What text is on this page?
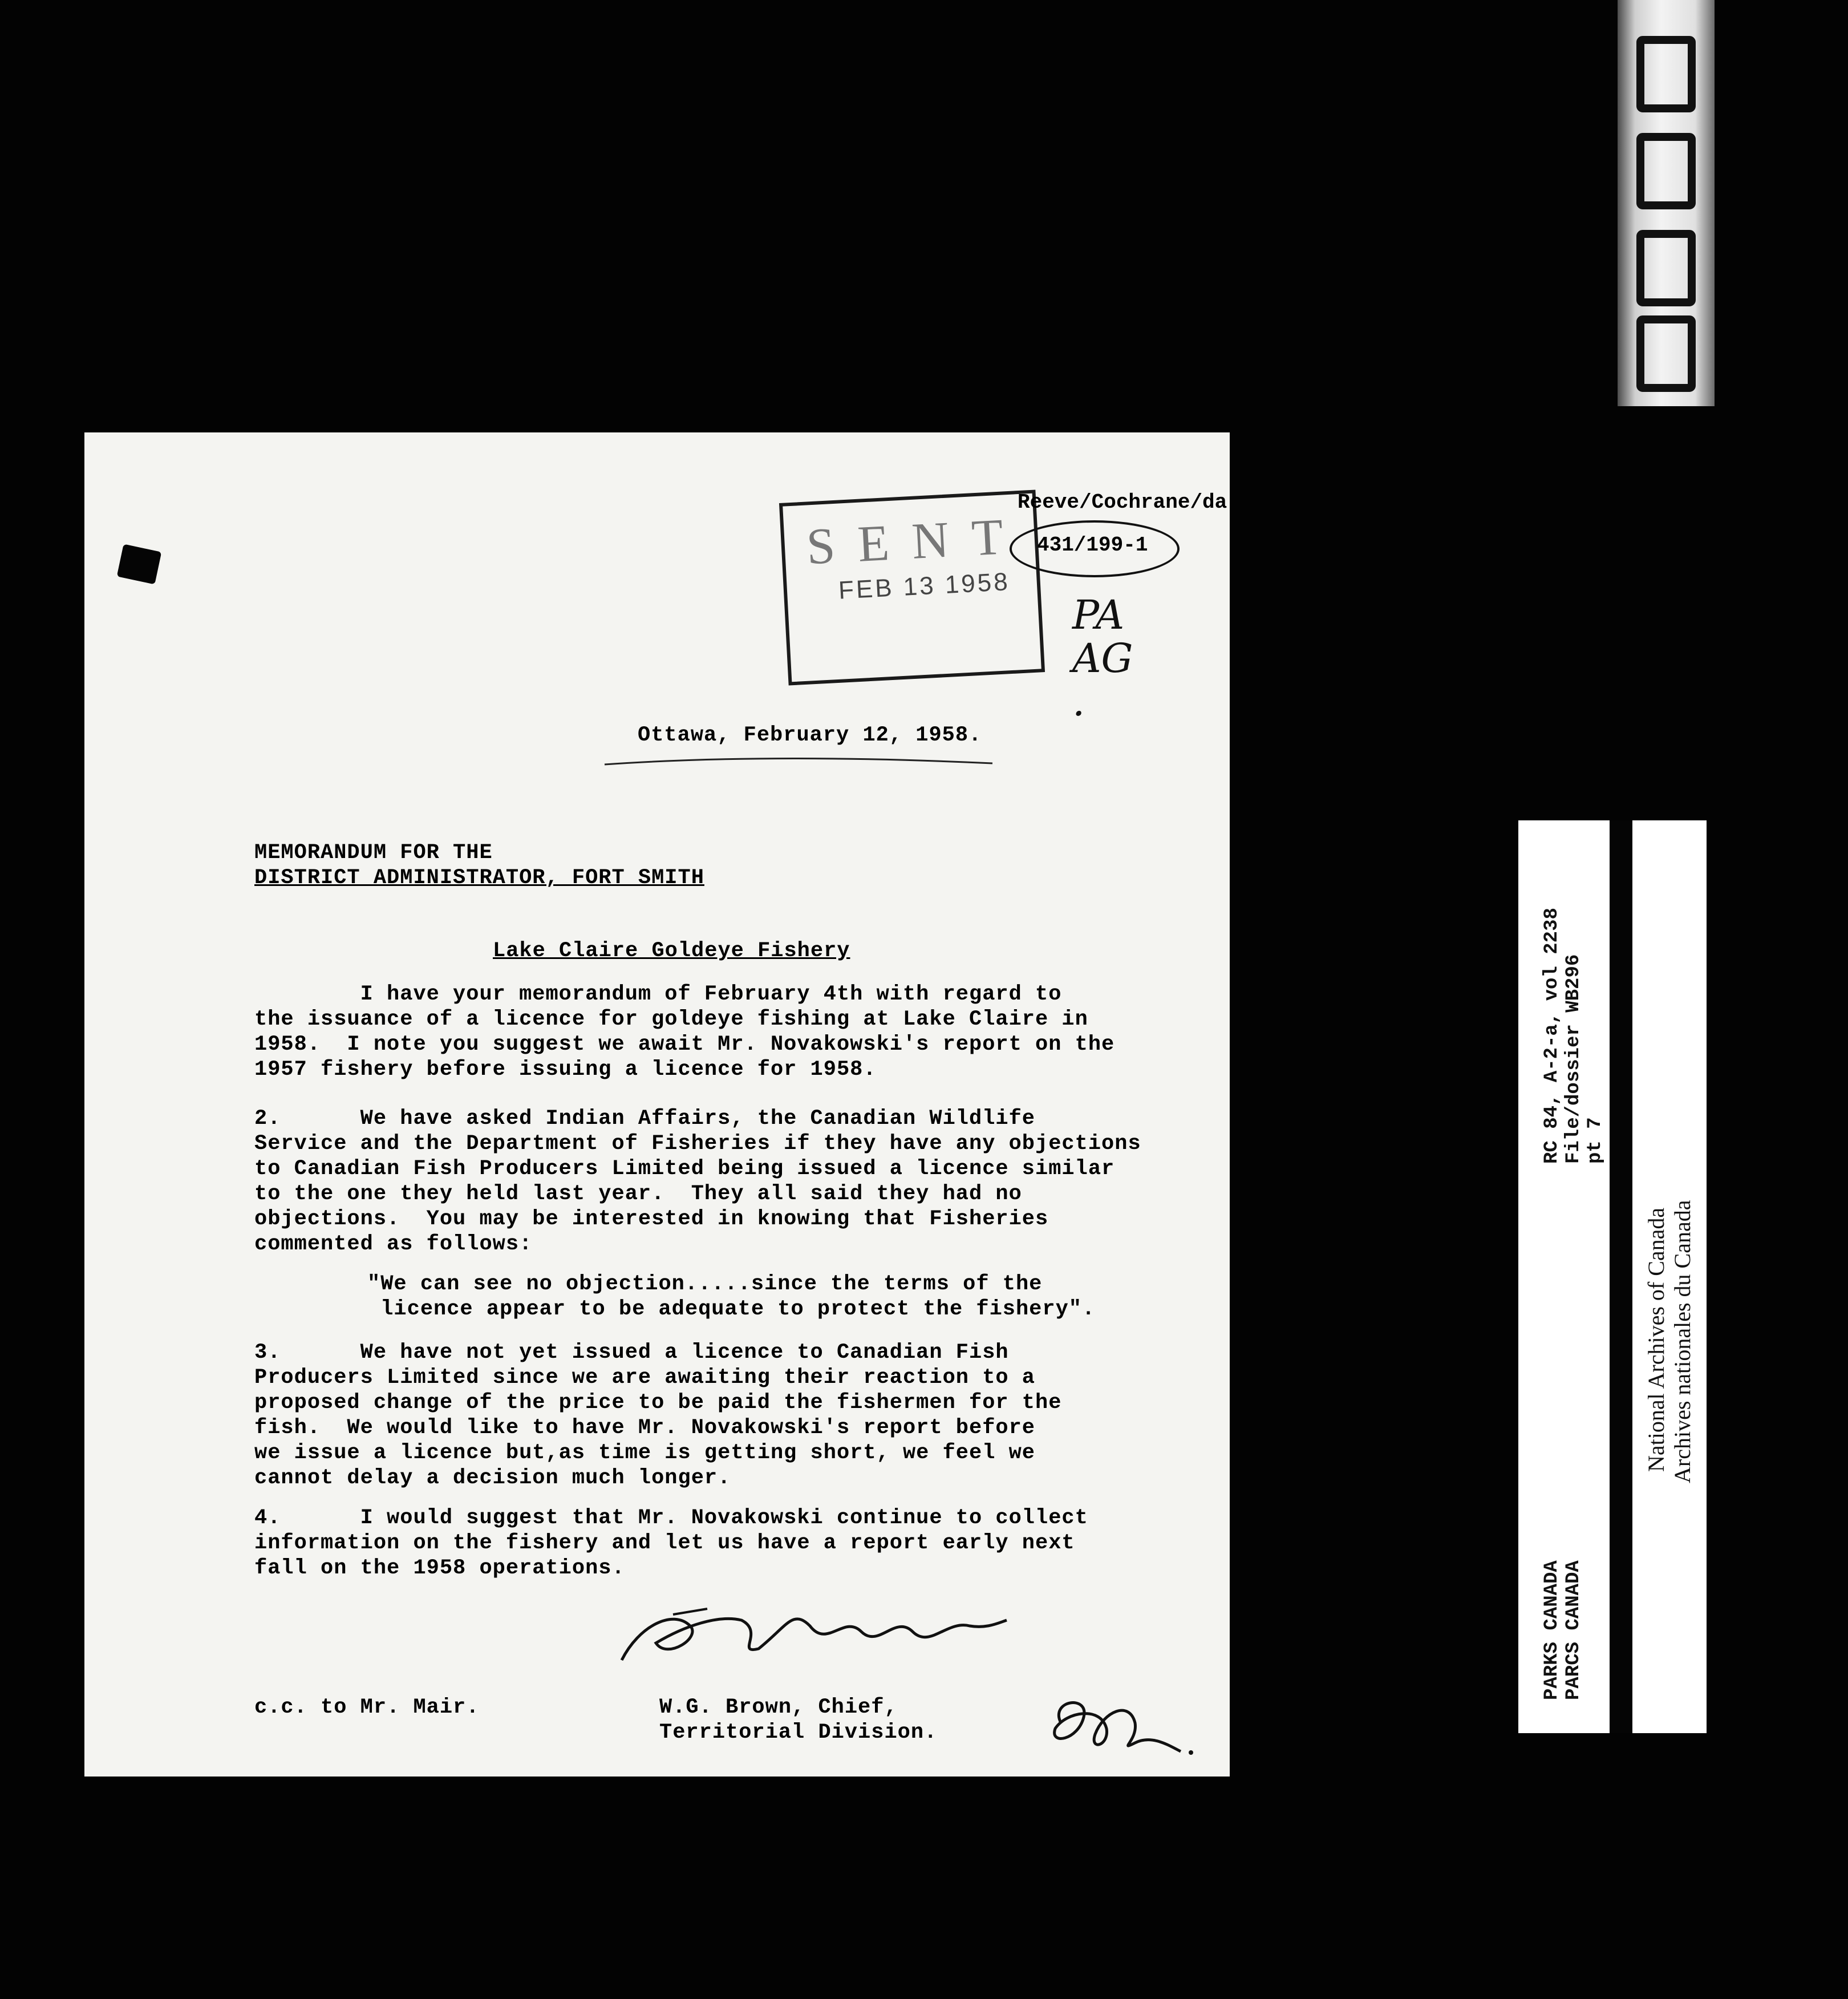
SENT
FEB 13 1958
Reeve/Cochrane/da
431/199-1
PA AG.
Ottawa, February 12, 1958.
MEMORANDUM FOR THE
DISTRICT ADMINISTRATOR, FORT SMITH
Lake Claire Goldeye Fishery
I have your memorandum of February 4th with regard to
the issuance of a licence for goldeye fishing at Lake Claire in
1958.  I note you suggest we await Mr. Novakowski's report on the
1957 fishery before issuing a licence for 1958.
2.      We have asked Indian Affairs, the Canadian Wildlife
Service and the Department of Fisheries if they have any objections
to Canadian Fish Producers Limited being issued a licence similar
to the one they held last year.  They all said they had no
objections.  You may be interested in knowing that Fisheries
commented as follows:
"We can see no objection.....since the terms of the
licence appear to be adequate to protect the fishery".
3.      We have not yet issued a licence to Canadian Fish
Producers Limited since we are awaiting their reaction to a
proposed change of the price to be paid the fishermen for the
fish.  We would like to have Mr. Novakowski's report before
we issue a licence but,as time is getting short, we feel we
cannot delay a decision much longer.
4.      I would suggest that Mr. Novakowski continue to collect
information on the fishery and let us have a report early next
fall on the 1958 operations.
c.c. to Mr. Mair.	W.G. Brown, Chief,
Territorial Division.
PARKS CANADA PARCS CANADA
RC 84, A-2-a, vol 2238 File/dossier WB296 pt 7
National Archives of Canada Archives nationales du Canada
